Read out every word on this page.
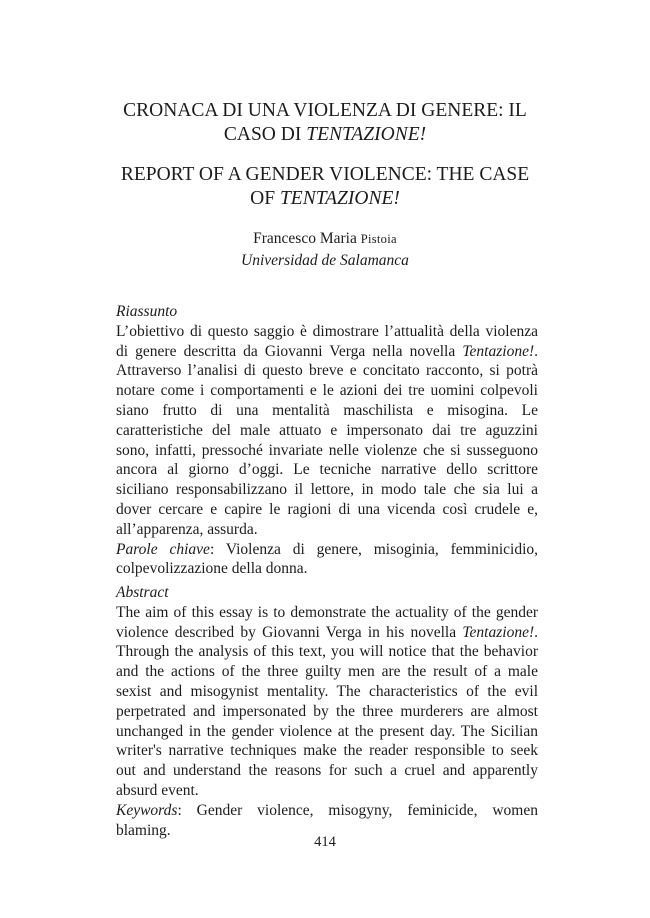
CRONACA DI UNA VIOLENZA DI GENERE: IL

CASO DI TENTAZIONE!

REPORT OF A GENDER VIOLENCE: THE CASE

OF TENTAZIONE!

Francesco Maria Pistoia
Universidad de Salamanca

Riassunto

L’obiettivo di questo saggio è dimostrare l’attualità della violenza
di genere descritta da Giovanni Verga nella novella Tentazione!.
Attraverso l’analisi di questo breve e concitato racconto, si potrà
notare come i comportamenti e le azioni dei tre uomini colpevoli
siano frutto di una mentalità maschilista e misogina. Le
caratteristiche del male attuato e impersonato dai tre aguzzini
sono, infatti, pressoché invariate nelle violenze che si susseguono
ancora al giorno d’oggi. Le tecniche narrative dello scrittore
siciliano responsabilizzano il lettore, in modo tale che sia lui a
dover cercare e capire le ragioni di una vicenda così crudele e,
all’apparenza, assurda.
Parole chiave: Violenza di genere, misoginia, femminicidio,
colpevolizzazione della donna.

Abstract

The aim of this essay is to demonstrate the actuality of the gender
violence described by Giovanni Verga in his novella Tentazione!.
Through the analysis of this text, you will notice that the behavior
and the actions of the three guilty men are the result of a male
sexist and misogynist mentality. The characteristics of the evil
perpetrated and impersonated by the three murderers are almost
unchanged in the gender violence at the present day. The Sicilian
writer's narrative techniques make the reader responsible to seek
out and understand the reasons for such a cruel and apparently
absurd event.
Keywords: Gender violence, misogyny, feminicide, women
blaming.
414
